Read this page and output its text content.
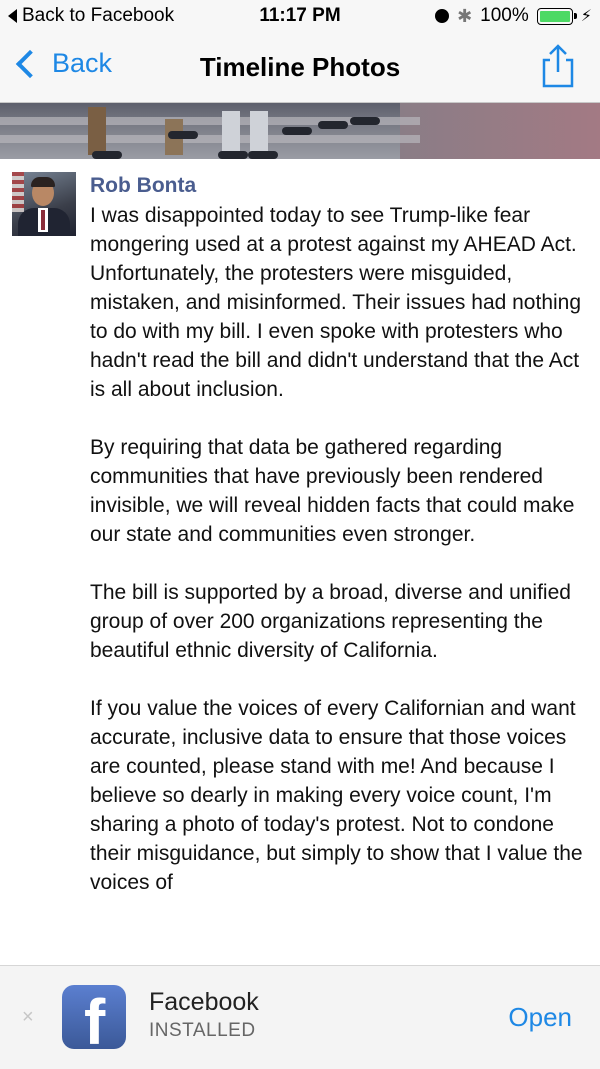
Back to Facebook	11:17 PM	✱ 100%	⚡
Back	Timeline Photos
Rob Bonta

I was disappointed today to see Trump-like fear mongering used at a protest against my AHEAD Act. Unfortunately, the protesters were misguided, mistaken, and misinformed. Their issues had nothing to do with my bill. I even spoke with protesters who hadn't read the bill and didn't understand that the Act is all about inclusion.

By requiring that data be gathered regarding communities that have previously been rendered invisible, we will reveal hidden facts that could make our state and communities even stronger.

The bill is supported by a broad, diverse and unified group of over 200 organizations representing the beautiful ethnic diversity of California.

If you value the voices of every Californian and want accurate, inclusive data to ensure that those voices are counted, please stand with me! And because I believe so dearly in making every voice count, I'm sharing a photo of today's protest. Not to condone their misguidance, but simply to show that I value the voices of

× f Facebook
INSTALLED	Open
